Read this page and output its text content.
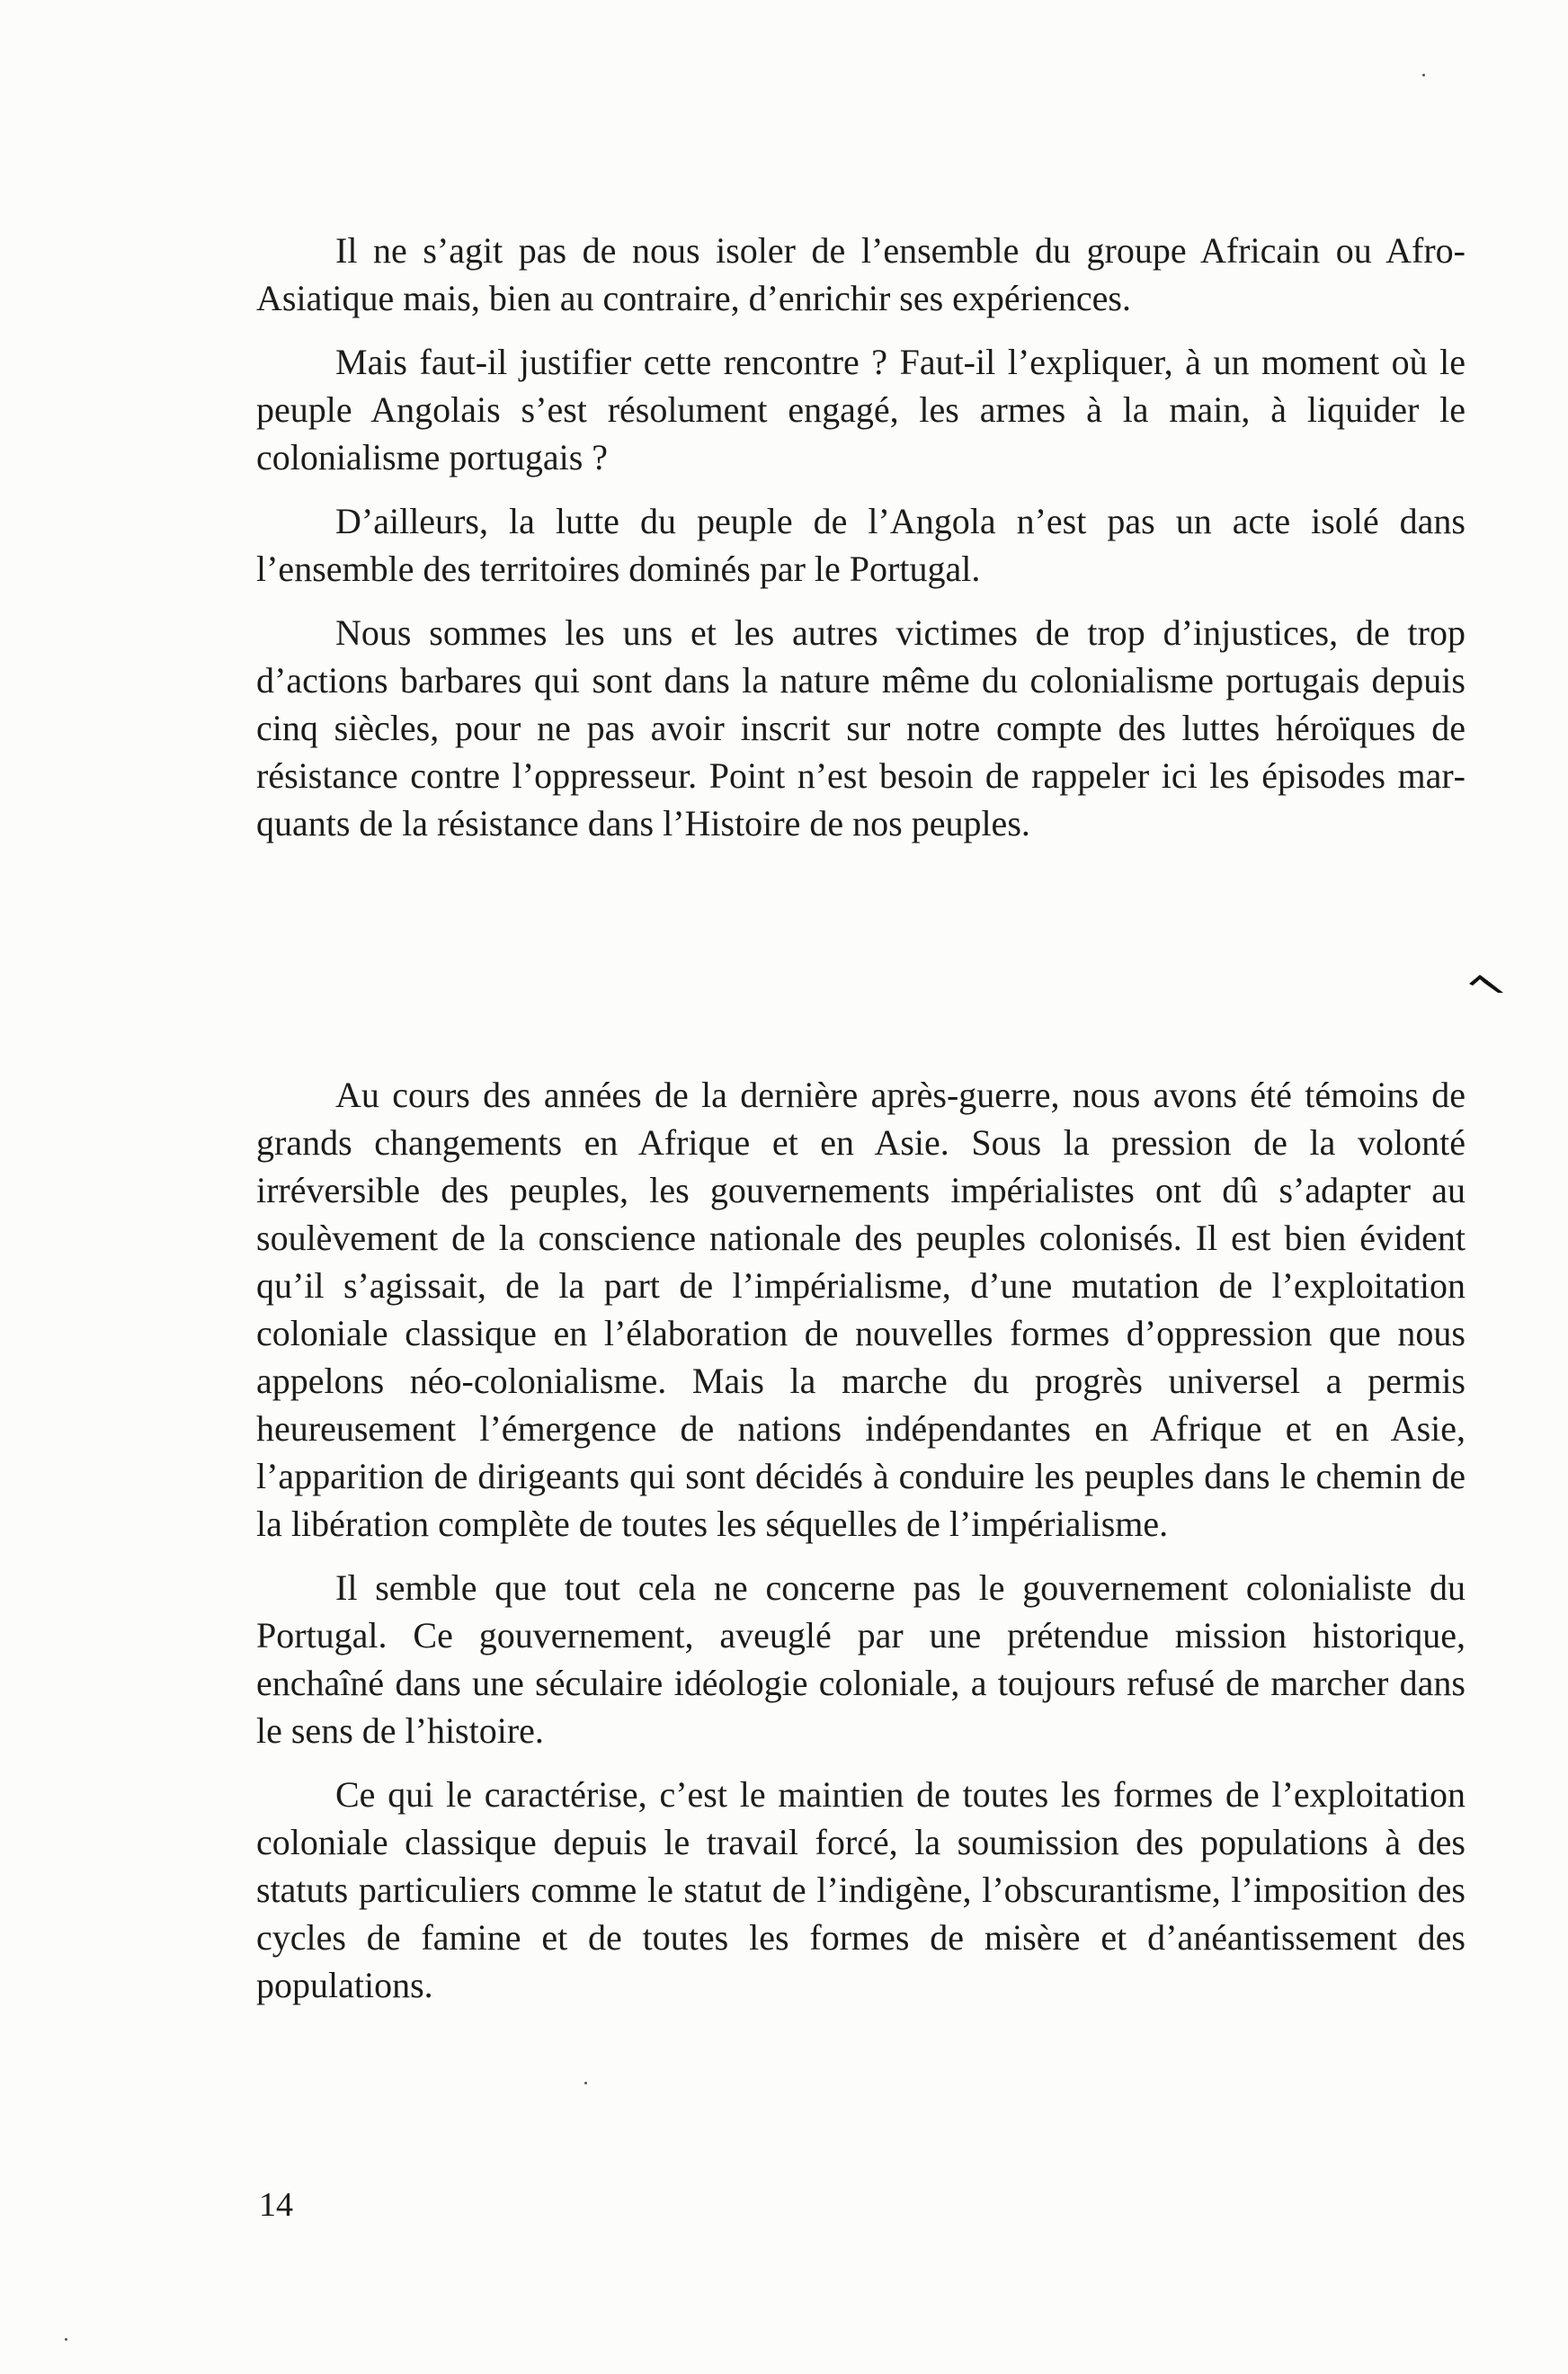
Il ne s’agit pas de nous isoler de l’ensemble du groupe Africain ou Afro-Asiatique mais, bien au contraire, d’enrichir ses expériences.

Mais faut-il justifier cette rencontre ? Faut-il l’expliquer, à un moment où le peuple Angolais s’est résolument engagé, les armes à la main, à liquider le colonialisme portugais ?

D’ailleurs, la lutte du peuple de l’Angola n’est pas un acte isolé dans l’ensemble des territoires dominés par le Portugal.

Nous sommes les uns et les autres victimes de trop d’injustices, de trop d’actions barbares qui sont dans la nature même du colonialisme portugais depuis cinq siècles, pour ne pas avoir inscrit sur notre compte des luttes héroïques de résistance contre l’oppresseur. Point n’est besoin de rappeler ici les épisodes marquants de la résistance dans l’Histoire de nos peuples.

Au cours des années de la dernière après-guerre, nous avons été témoins de grands changements en Afrique et en Asie. Sous la pression de la volonté irréversible des peuples, les gouvernements impérialistes ont dû s’adapter au soulèvement de la conscience nationale des peuples colonisés. Il est bien évident qu’il s’agissait, de la part de l’impérialisme, d’une mutation de l’exploitation coloniale classique en l’élaboration de nouvelles formes d’oppression que nous appelons néo-colonialisme. Mais la marche du progrès universel a permis heureusement l’émergence de nations indépendantes en Afrique et en Asie, l’apparition de dirigeants qui sont décidés à conduire les peuples dans le chemin de la libération complète de toutes les séquelles de l’impérialisme.

Il semble que tout cela ne concerne pas le gouvernement colonialiste du Portugal. Ce gouvernement, aveuglé par une prétendue mission historique, enchaîné dans une séculaire idéologie coloniale, a toujours refusé de marcher dans le sens de l’histoire.

Ce qui le caractérise, c’est le maintien de toutes les formes de l’exploitation coloniale classique depuis le travail forcé, la soumission des populations à des statuts particuliers comme le statut de l’indigène, l’obscurantisme, l’imposition des cycles de famine et de toutes les formes de misère et d’anéantissement des populations.

14
